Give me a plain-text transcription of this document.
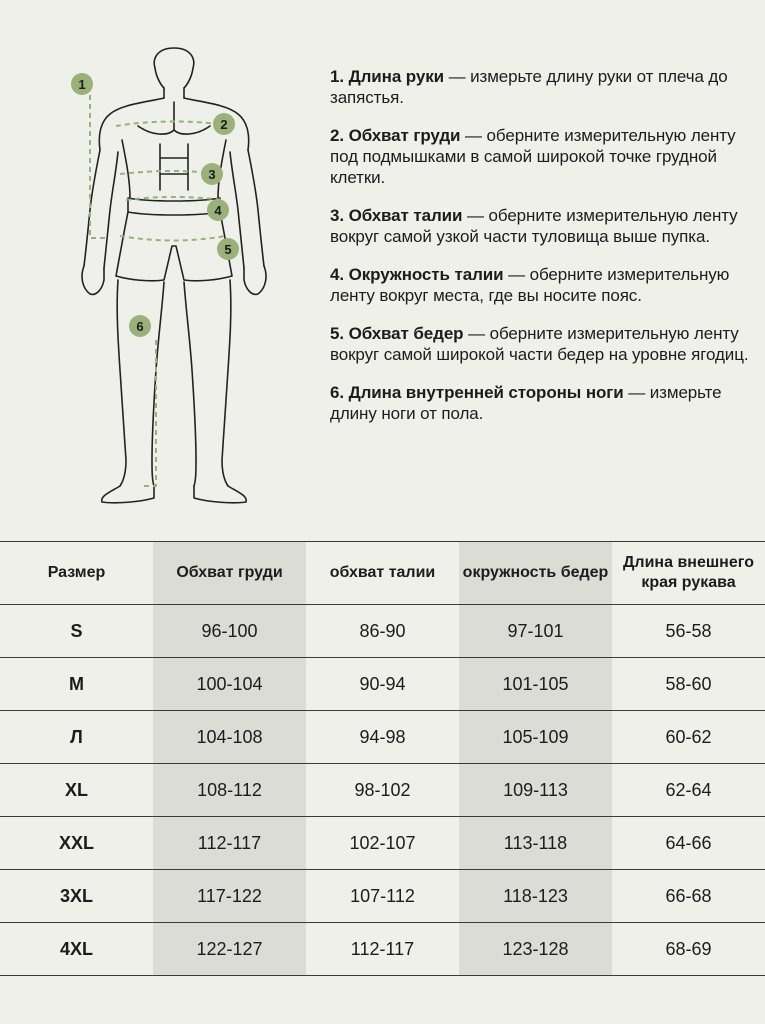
1
2
3
4
5
6
1. Длина руки — измерьте длину руки от плеча до запястья.
2. Обхват груди — оберните измерительную ленту под подмышками в самой широкой точке грудной клетки.
3. Обхват талии — оберните измерительную ленту вокруг самой узкой части туловища выше пупка.
4. Окружность талии — оберните измерительную ленту вокруг места, где вы носите пояс.
5. Обхват бедер — оберните измерительную ленту вокруг самой широкой части бедер на уровне ягодиц.
6. Длина внутренней стороны ноги — измерьте длину ноги от пола.
Размер	Обхват груди	обхват талии	окружность бедер	Длина внешнего края рукава
S	96-100	86-90	97-101	56-58
M	100-104	90-94	101-105	58-60
Л	104-108	94-98	105-109	60-62
XL	108-112	98-102	109-113	62-64
XXL	112-117	102-107	113-118	64-66
3XL	117-122	107-112	118-123	66-68
4XL	122-127	112-117	123-128	68-69
